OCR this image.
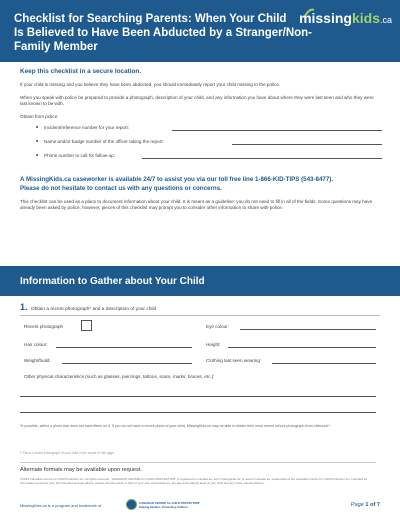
Checklist for Searching Parents: When Your Child
Is Believed to Have Been Abducted by a Stranger/Non-Family Member
missingkids.ca
Keep this checklist in a secure location.

If your child is missing and you believe they have been abducted, you should immediately report your child missing to the police.

When you speak with police be prepared to provide a photograph, description of your child, and any information you have about where they were last seen and who they were last known to be with.

Obtain from police:
Incident/reference number for your report:
Name and/or badge number of the officer taking the report:
Phone number to call for follow-up:
A MissingKids.ca caseworker is available 24/7 to assist you via our toll free line 1-866-KID-TIPS (543-8477).
Please do not hesitate to contact us with any questions or concerns.

This checklist can be used as a place to document information about your child. It is meant as a guideline; you do not need to fill in all of the fields. Some questions may have already been asked by police; however, pieces of this checklist may prompt you to consider other information to share with police.

Information to Gather about Your Child
1. Obtain a recent photograph* and a description of your child
Recent photograph	Eye colour:
Hair colour:	Height:
Weight/build:	Clothing last seen wearing:
Other physical characteristics (such as glasses, piercings, tattoos, scars, marks, braces, etc.):
*If possible, select a photo that does not have filters on it. If you do not have a recent photo of your child, MissingKids.ca may be able to obtain their most recent school photograph from Lifetouch*.
1 Place a recent photograph of your child in the centre of this page.
Alternate formats may be available upon request.
©2019 Canadian Centre for Child Protection Inc. All rights reserved. "CANADIAN CENTRE for CHILD PROTECTION" is registered in Canada as, and "missingkids.ca" is used in Canada as, trademarks of the Canadian Centre for Child Protection Inc. Intended for information purposes only. Not intended as legal advice. Assess all information in light of your own circumstances, the age and maturity level of your child and any other relevant factors.
MissingKids.ca is a program and trademark of	CANADIAN CENTRE for CHILD PROTECTION*
Helping families. Protecting children.	Page 1 of 7
